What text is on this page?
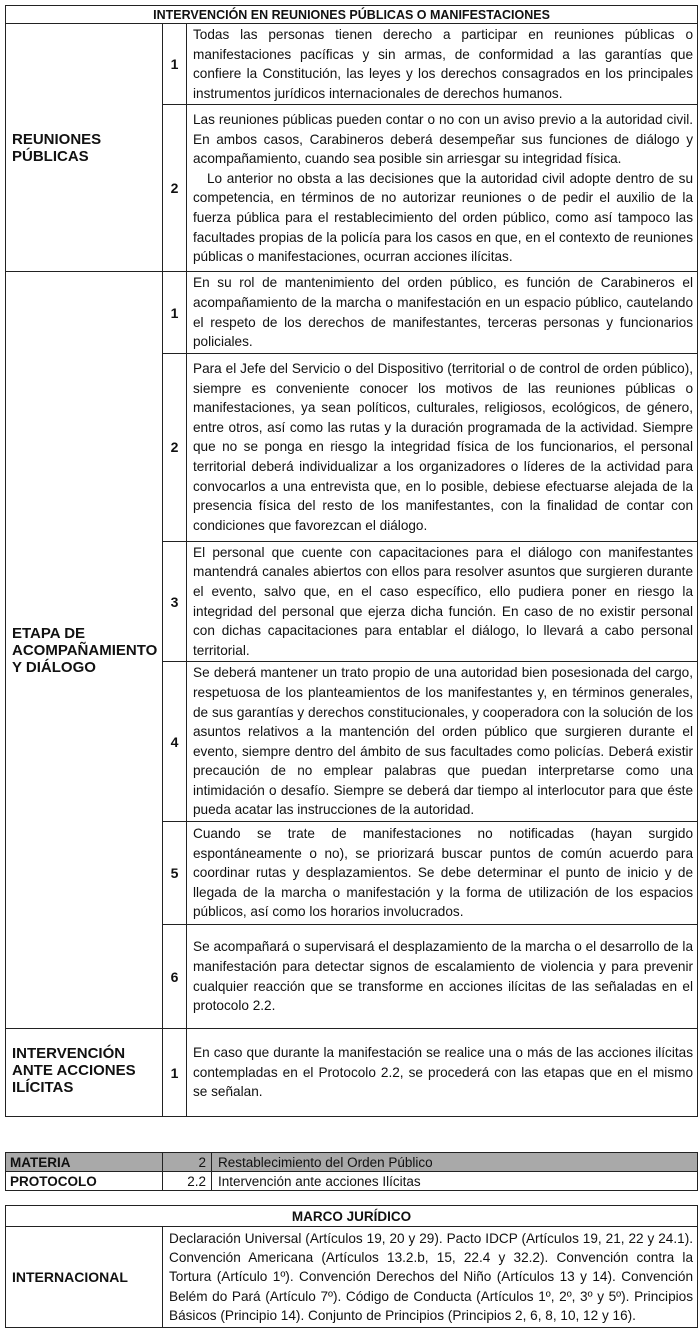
INTERVENCIÓN EN REUNIONES PÚBLICAS O MANIFESTACIONES		
REUNIONES PÚBLICAS	1	Todas las personas tienen derecho a participar en reuniones públicas o manifestaciones pacíficas y sin armas, de conformidad a las garantías que confiere la Constitución, las leyes y los derechos consagrados en los principales instrumentos jurídicos internacionales de derechos humanos.

	2	Las reuniones públicas pueden contar o no con un aviso previo a la autoridad civil. En ambos casos, Carabineros deberá desempeñar sus funciones de diálogo y acompañamiento, cuando sea posible sin arriesgar su integridad física.

Lo anterior no obsta a las decisiones que la autoridad civil adopte dentro de su competencia, en términos de no autorizar reuniones o de pedir el auxilio de la fuerza pública para el restablecimiento del orden público, como así tampoco las facultades propias de la policía para los casos en que, en el contexto de reuniones públicas o manifestaciones, ocurran acciones ilícitas.

ETAPA DE ACOMPAÑAMIENTO Y DIÁLOGO	1	En su rol de mantenimiento del orden público, es función de Carabineros el acompañamiento de la marcha o manifestación en un espacio público, cautelando el respeto de los derechos de manifestantes, terceras personas y funcionarios policiales.

	2	Para el Jefe del Servicio o del Dispositivo (territorial o de control de orden público), siempre es conveniente conocer los motivos de las reuniones públicas o manifestaciones, ya sean políticos, culturales, religiosos, ecológicos, de género, entre otros, así como las rutas y la duración programada de la actividad. Siempre que no se ponga en riesgo la integridad física de los funcionarios, el personal territorial deberá individualizar a los organizadores o líderes de la actividad para convocarlos a una entrevista que, en lo posible, debiese efectuarse alejada de la presencia física del resto de los manifestantes, con la finalidad de contar con condiciones que favorezcan el diálogo.

	3	El personal que cuente con capacitaciones para el diálogo con manifestantes mantendrá canales abiertos con ellos para resolver asuntos que surgieren durante el evento, salvo que, en el caso específico, ello pudiera poner en riesgo la integridad del personal que ejerza dicha función. En caso de no existir personal con dichas capacitaciones para entablar el diálogo, lo llevará a cabo personal territorial.

	4	Se deberá mantener un trato propio de una autoridad bien posesionada del cargo, respetuosa de los planteamientos de los manifestantes y, en términos generales, de sus garantías y derechos constitucionales, y cooperadora con la solución de los asuntos relativos a la mantención del orden público que surgieren durante el evento, siempre dentro del ámbito de sus facultades como policías. Deberá existir precaución de no emplear palabras que puedan interpretarse como una intimidación o desafío. Siempre se deberá dar tiempo al interlocutor para que éste pueda acatar las instrucciones de la autoridad.

	5	Cuando se trate de manifestaciones no notificadas (hayan surgido espontáneamente o no), se priorizará buscar puntos de común acuerdo para coordinar rutas y desplazamientos. Se debe determinar el punto de inicio y de llegada de la marcha o manifestación y la forma de utilización de los espacios públicos, así como los horarios involucrados.

	6	Se acompañará o supervisará el desplazamiento de la marcha o el desarrollo de la manifestación para detectar signos de escalamiento de violencia y para prevenir cualquier reacción que se transforme en acciones ilícitas de las señaladas en el protocolo 2.2.

INTERVENCIÓN ANTE ACCIONES ILÍCITAS	1	En caso que durante la manifestación se realice una o más de las acciones ilícitas contempladas en el Protocolo 2.2, se procederá con las etapas que en el mismo se señalan.

MATERIA	2	Restablecimiento del Orden Público
PROTOCOLO	2.2	Intervención ante acciones Ilícitas
MARCO JURÍDICO
INTERNACIONAL	Declaración Universal (Artículos 19, 20 y 29). Pacto IDCP (Artículos 19, 21, 22 y 24.1). Convención Americana (Artículos 13.2.b, 15, 22.4 y 32.2). Convención contra la Tortura (Artículo 1º). Convención Derechos del Niño (Artículos 13 y 14). Convención Belém do Pará (Artículo 7º). Código de Conducta (Artículos 1º, 2º, 3º y 5º). Principios Básicos (Principio 14). Conjunto de Principios (Principios 2, 6, 8, 10, 12 y 16).
